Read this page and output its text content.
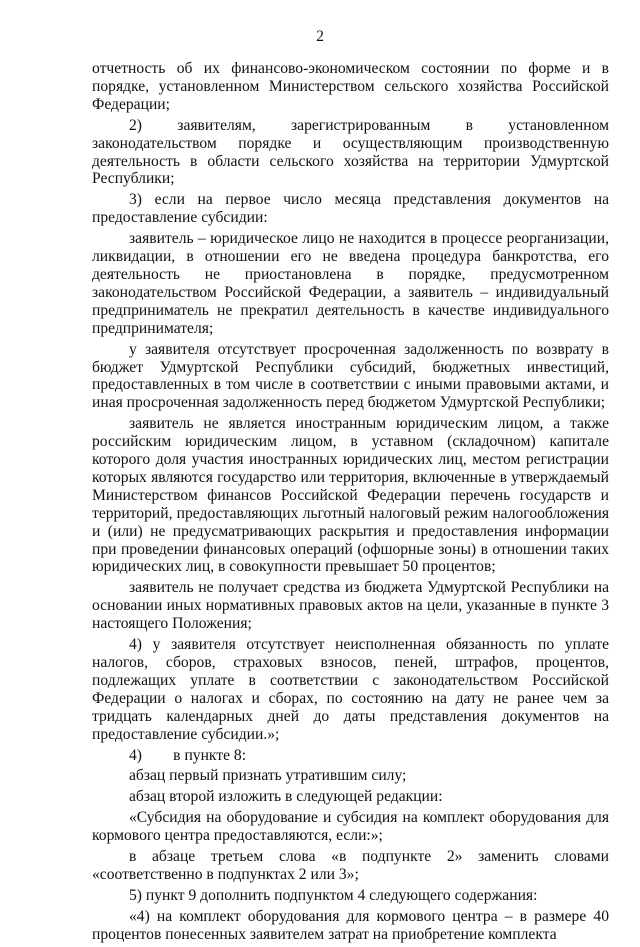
2

отчетность об их финансово-экономическом состоянии по форме и в порядке, установленном Министерством сельского хозяйства Российской Федерации;

2) заявителям, зарегистрированным в установленном законодательством порядке и осуществляющим производственную деятельность в области сельского хозяйства на территории Удмуртской Республики;

3) если на первое число месяца представления документов на предоставление субсидии:

заявитель – юридическое лицо не находится в процессе реорганизации, ликвидации, в отношении его не введена процедура банкротства, его деятельность не приостановлена в порядке, предусмотренном законодательством Российской Федерации, а заявитель – индивидуальный предприниматель не прекратил деятельность в качестве индивидуального предпринимателя;

у заявителя отсутствует просроченная задолженность по возврату в бюджет Удмуртской Республики субсидий, бюджетных инвестиций, предоставленных в том числе в соответствии с иными правовыми актами, и иная просроченная задолженность перед бюджетом Удмуртской Республики;

заявитель не является иностранным юридическим лицом, а также российским юридическим лицом, в уставном (складочном) капитале которого доля участия иностранных юридических лиц, местом регистрации которых являются государство или территория, включенные в утверждаемый Министерством финансов Российской Федерации перечень государств и территорий, предоставляющих льготный налоговый режим налогообложения и (или) не предусматривающих раскрытия и предоставления информации при проведении финансовых операций (офшорные зоны) в отношении таких юридических лиц, в совокупности превышает 50 процентов;

заявитель не получает средства из бюджета Удмуртской Республики на основании иных нормативных правовых актов на цели, указанные в пункте 3 настоящего Положения;

4) у заявителя отсутствует неисполненная обязанность по уплате налогов, сборов, страховых взносов, пеней, штрафов, процентов, подлежащих уплате в соответствии с законодательством Российской Федерации о налогах и сборах, по состоянию на дату не ранее чем за тридцать календарных дней до даты представления документов на предоставление субсидии.»;

4)  в пункте 8:

абзац первый признать утратившим силу;

абзац второй изложить в следующей редакции:

«Субсидия на оборудование и субсидия на комплект оборудования для кормового центра предоставляются, если:»;

в абзаце третьем слова «в подпункте 2» заменить словами «соответственно в подпунктах 2 или 3»;

5) пункт 9 дополнить подпунктом 4 следующего содержания:

«4) на комплект оборудования для кормового центра – в размере 40 процентов понесенных заявителем затрат на приобретение комплекта
